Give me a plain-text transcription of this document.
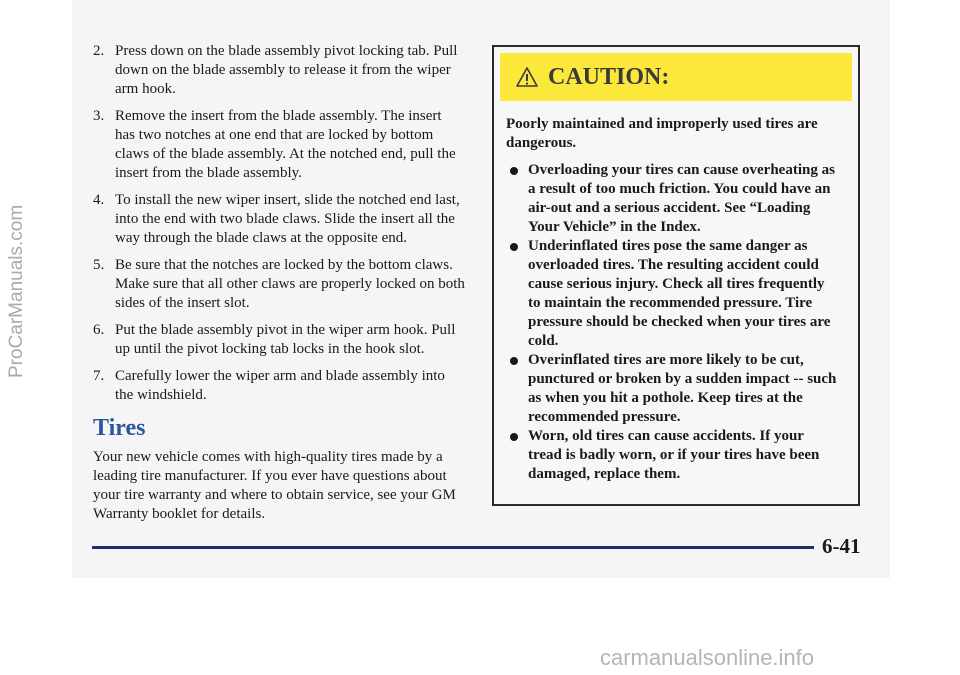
2. Press down on the blade assembly pivot locking tab. Pull down on the blade assembly to release it from the wiper arm hook.
3. Remove the insert from the blade assembly. The insert has two notches at one end that are locked by bottom claws of the blade assembly. At the notched end, pull the insert from the blade assembly.
4. To install the new wiper insert, slide the notched end last, into the end with two blade claws. Slide the insert all the way through the blade claws at the opposite end.
5. Be sure that the notches are locked by the bottom claws. Make sure that all other claws are properly locked on both sides of the insert slot.
6. Put the blade assembly pivot in the wiper arm hook. Pull up until the pivot locking tab locks in the hook slot.
7. Carefully lower the wiper arm and blade assembly into the windshield.
Tires
Your new vehicle comes with high-quality tires made by a leading tire manufacturer. If you ever have questions about your tire warranty and where to obtain service, see your GM Warranty booklet for details.
CAUTION:
Poorly maintained and improperly used tires are dangerous.
Overloading your tires can cause overheating as a result of too much friction. You could have an air-out and a serious accident. See “Loading Your Vehicle” in the Index.
Underinflated tires pose the same danger as overloaded tires. The resulting accident could cause serious injury. Check all tires frequently to maintain the recommended pressure. Tire pressure should be checked when your tires are cold.
Overinflated tires are more likely to be cut, punctured or broken by a sudden impact -- such as when you hit a pothole. Keep tires at the recommended pressure.
Worn, old tires can cause accidents. If your tread is badly worn, or if your tires have been damaged, replace them.
6-41
ProCarManuals.com
carmanualsonline.info
